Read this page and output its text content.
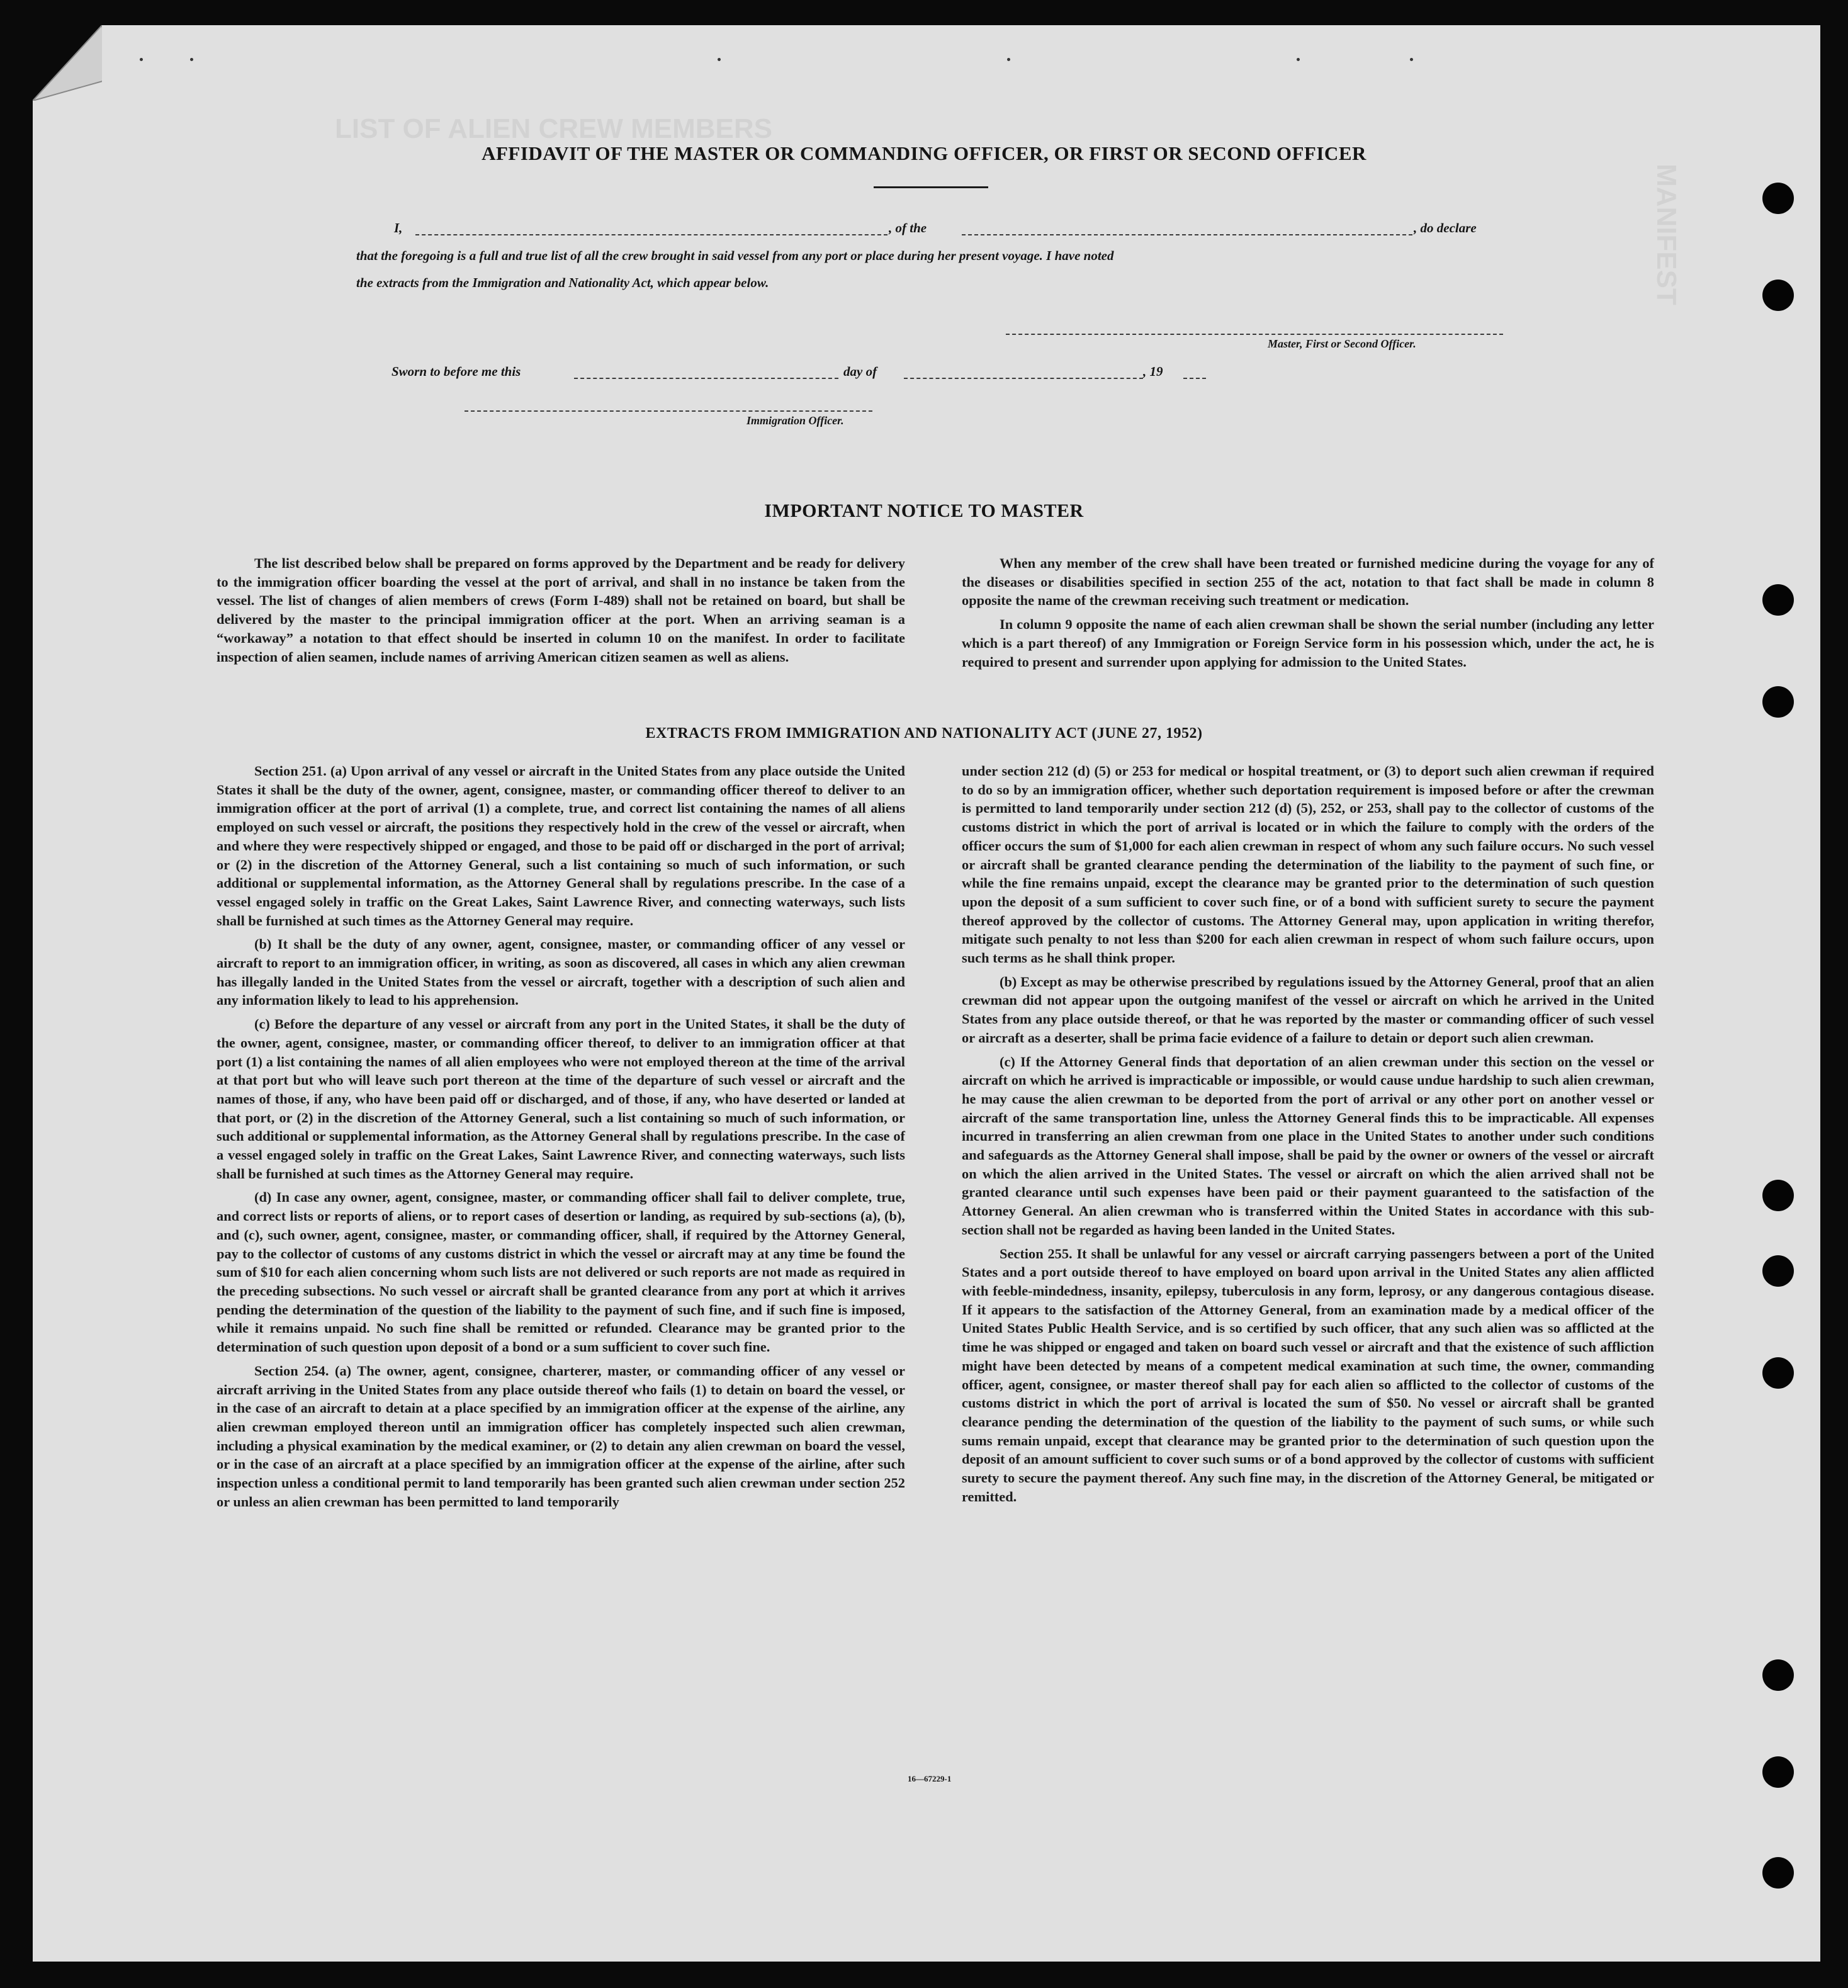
LIST OF ALIEN CREW MEMBERS
MANIFEST
AFFIDAVIT OF THE MASTER OR COMMANDING OFFICER, OR FIRST OR SECOND OFFICER
I,	, of the	, do declare
that the foregoing is a full and true list of all the crew brought in said vessel from any port or place during her present voyage. I have noted
the extracts from the Immigration and Nationality Act, which appear below.
Master, First or Second Officer.
Sworn to before me this	day of	, 19
Immigration Officer.
IMPORTANT NOTICE TO MASTER

The list described below shall be prepared on forms approved by the Department and be ready for delivery to the immigration officer boarding the vessel at the port of arrival, and shall in no instance be taken from the vessel. The list of changes of alien members of crews (Form I-489) shall not be retained on board, but shall be delivered by the master to the principal immigration officer at the port. When an arriving seaman is a “workaway” a notation to that effect should be inserted in column 10 on the manifest. In order to facilitate inspection of alien seamen, include names of arriving American citizen seamen as well as aliens.

When any member of the crew shall have been treated or furnished medicine during the voyage for any of the diseases or disabilities specified in section 255 of the act, notation to that fact shall be made in column 8 opposite the name of the crewman receiving such treatment or medication.

In column 9 opposite the name of each alien crewman shall be shown the serial number (including any letter which is a part thereof) of any Immigration or Foreign Service form in his possession which, under the act, he is required to present and surrender upon applying for admission to the United States.

EXTRACTS FROM IMMIGRATION AND NATIONALITY ACT (JUNE 27, 1952)

Section 251. (a) Upon arrival of any vessel or aircraft in the United States from any place outside the United States it shall be the duty of the owner, agent, consignee, master, or commanding officer thereof to deliver to an immigration officer at the port of arrival (1) a complete, true, and correct list containing the names of all aliens employed on such vessel or aircraft, the positions they respectively hold in the crew of the vessel or aircraft, when and where they were respectively shipped or engaged, and those to be paid off or discharged in the port of arrival; or (2) in the discretion of the Attorney General, such a list containing so much of such information, or such additional or supplemental information, as the Attorney General shall by regulations prescribe. In the case of a vessel engaged solely in traffic on the Great Lakes, Saint Lawrence River, and connecting waterways, such lists shall be furnished at such times as the Attorney General may require.

(b) It shall be the duty of any owner, agent, consignee, master, or commanding officer of any vessel or aircraft to report to an immigration officer, in writing, as soon as discovered, all cases in which any alien crewman has illegally landed in the United States from the vessel or aircraft, together with a description of such alien and any information likely to lead to his apprehension.

(c) Before the departure of any vessel or aircraft from any port in the United States, it shall be the duty of the owner, agent, consignee, master, or commanding officer thereof, to deliver to an immigration officer at that port (1) a list containing the names of all alien employees who were not employed thereon at the time of the arrival at that port but who will leave such port thereon at the time of the departure of such vessel or aircraft and the names of those, if any, who have been paid off or discharged, and of those, if any, who have deserted or landed at that port, or (2) in the discretion of the Attorney General, such a list containing so much of such information, or such additional or supplemental information, as the Attorney General shall by regulations prescribe. In the case of a vessel engaged solely in traffic on the Great Lakes, Saint Lawrence River, and connecting waterways, such lists shall be furnished at such times as the Attorney General may require.

(d) In case any owner, agent, consignee, master, or commanding officer shall fail to deliver complete, true, and correct lists or reports of aliens, or to report cases of desertion or landing, as required by sub-sections (a), (b), and (c), such owner, agent, consignee, master, or commanding officer, shall, if required by the Attorney General, pay to the collector of customs of any customs district in which the vessel or aircraft may at any time be found the sum of $10 for each alien concerning whom such lists are not delivered or such reports are not made as required in the preceding subsections. No such vessel or aircraft shall be granted clearance from any port at which it arrives pending the determination of the question of the liability to the payment of such fine, and if such fine is imposed, while it remains unpaid. No such fine shall be remitted or refunded. Clearance may be granted prior to the determination of such question upon deposit of a bond or a sum sufficient to cover such fine.

Section 254. (a) The owner, agent, consignee, charterer, master, or commanding officer of any vessel or aircraft arriving in the United States from any place outside thereof who fails (1) to detain on board the vessel, or in the case of an aircraft to detain at a place specified by an immigration officer at the expense of the airline, any alien crewman employed thereon until an immigration officer has completely inspected such alien crewman, including a physical examination by the medical examiner, or (2) to detain any alien crewman on board the vessel, or in the case of an aircraft at a place specified by an immigration officer at the expense of the airline, after such inspection unless a conditional permit to land temporarily has been granted such alien crewman under section 252 or unless an alien crewman has been permitted to land temporarily

under section 212 (d) (5) or 253 for medical or hospital treatment, or (3) to deport such alien crewman if required to do so by an immigration officer, whether such deportation requirement is imposed before or after the crewman is permitted to land temporarily under section 212 (d) (5), 252, or 253, shall pay to the collector of customs of the customs district in which the port of arrival is located or in which the failure to comply with the orders of the officer occurs the sum of $1,000 for each alien crewman in respect of whom any such failure occurs. No such vessel or aircraft shall be granted clearance pending the determination of the liability to the payment of such fine, or while the fine remains unpaid, except the clearance may be granted prior to the determination of such question upon the deposit of a sum sufficient to cover such fine, or of a bond with sufficient surety to secure the payment thereof approved by the collector of customs. The Attorney General may, upon application in writing therefor, mitigate such penalty to not less than $200 for each alien crewman in respect of whom such failure occurs, upon such terms as he shall think proper.

(b) Except as may be otherwise prescribed by regulations issued by the Attorney General, proof that an alien crewman did not appear upon the outgoing manifest of the vessel or aircraft on which he arrived in the United States from any place outside thereof, or that he was reported by the master or commanding officer of such vessel or aircraft as a deserter, shall be prima facie evidence of a failure to detain or deport such alien crewman.

(c) If the Attorney General finds that deportation of an alien crewman under this section on the vessel or aircraft on which he arrived is impracticable or impossible, or would cause undue hardship to such alien crewman, he may cause the alien crewman to be deported from the port of arrival or any other port on another vessel or aircraft of the same transportation line, unless the Attorney General finds this to be impracticable. All expenses incurred in transferring an alien crewman from one place in the United States to another under such conditions and safeguards as the Attorney General shall impose, shall be paid by the owner or owners of the vessel or aircraft on which the alien arrived in the United States. The vessel or aircraft on which the alien arrived shall not be granted clearance until such expenses have been paid or their payment guaranteed to the satisfaction of the Attorney General. An alien crewman who is transferred within the United States in accordance with this sub-section shall not be regarded as having been landed in the United States.

Section 255. It shall be unlawful for any vessel or aircraft carrying passengers between a port of the United States and a port outside thereof to have employed on board upon arrival in the United States any alien afflicted with feeble-mindedness, insanity, epilepsy, tuberculosis in any form, leprosy, or any dangerous contagious disease. If it appears to the satisfaction of the Attorney General, from an examination made by a medical officer of the United States Public Health Service, and is so certified by such officer, that any such alien was so afflicted at the time he was shipped or engaged and taken on board such vessel or aircraft and that the existence of such affliction might have been detected by means of a competent medical examination at such time, the owner, commanding officer, agent, consignee, or master thereof shall pay for each alien so afflicted to the collector of customs of the customs district in which the port of arrival is located the sum of $50. No vessel or aircraft shall be granted clearance pending the determination of the question of the liability to the payment of such sums, or while such sums remain unpaid, except that clearance may be granted prior to the determination of such question upon the deposit of an amount sufficient to cover such sums or of a bond approved by the collector of customs with sufficient surety to secure the payment thereof. Any such fine may, in the discretion of the Attorney General, be mitigated or remitted.

16—67229-1
